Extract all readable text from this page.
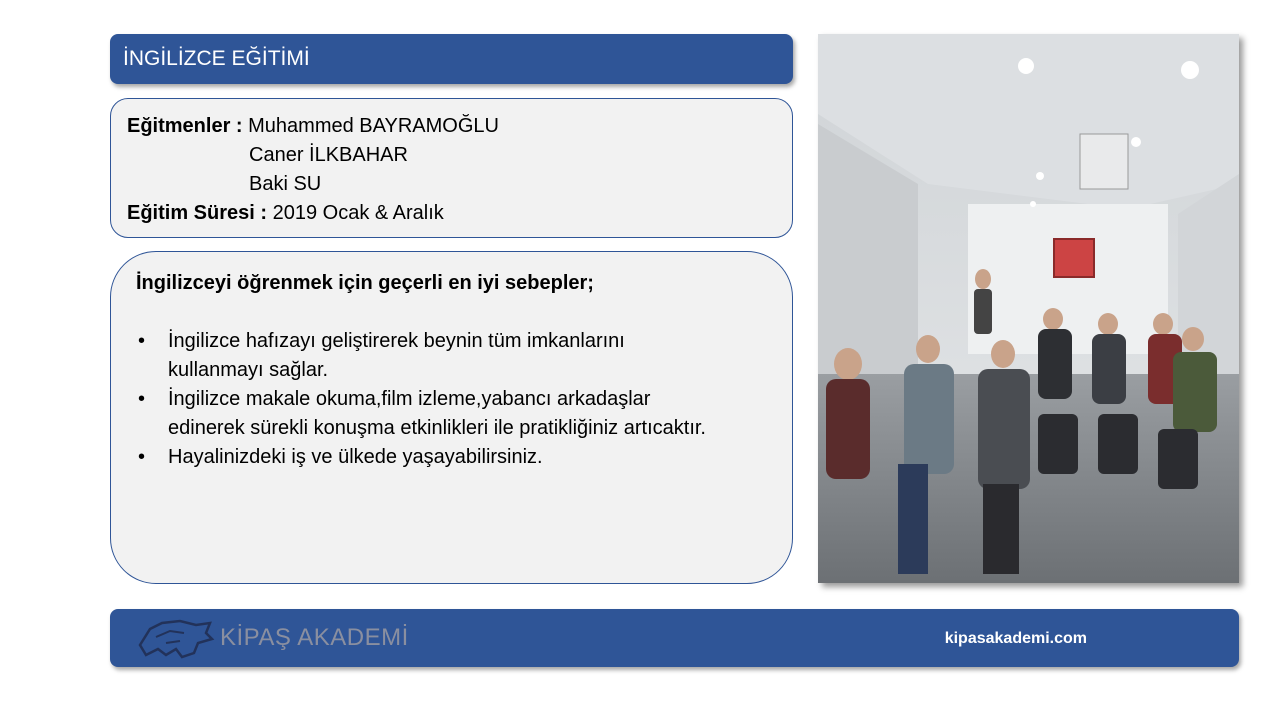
İNGİLİZCE EĞİTİMİ
Eğitmenler : Muhammed BAYRAMOĞLU
Caner İLKBAHAR
Baki SU
Eğitim Süresi : 2019 Ocak & Aralık
İngilizceyi öğrenmek için geçerli en iyi sebepler;
• İngilizce hafızayı geliştirerek beynin tüm imkanlarını
kullanmayı sağlar.
• İngilizce makale okuma,film izleme,yabancı arkadaşlar
edinerek sürekli konuşma etkinlikleri ile pratikliğiniz artıcaktır.
• Hayalinizdeki iş ve ülkede yaşayabilirsiniz.
KİPAŞ AKADEMİ	kipasakademi.com
